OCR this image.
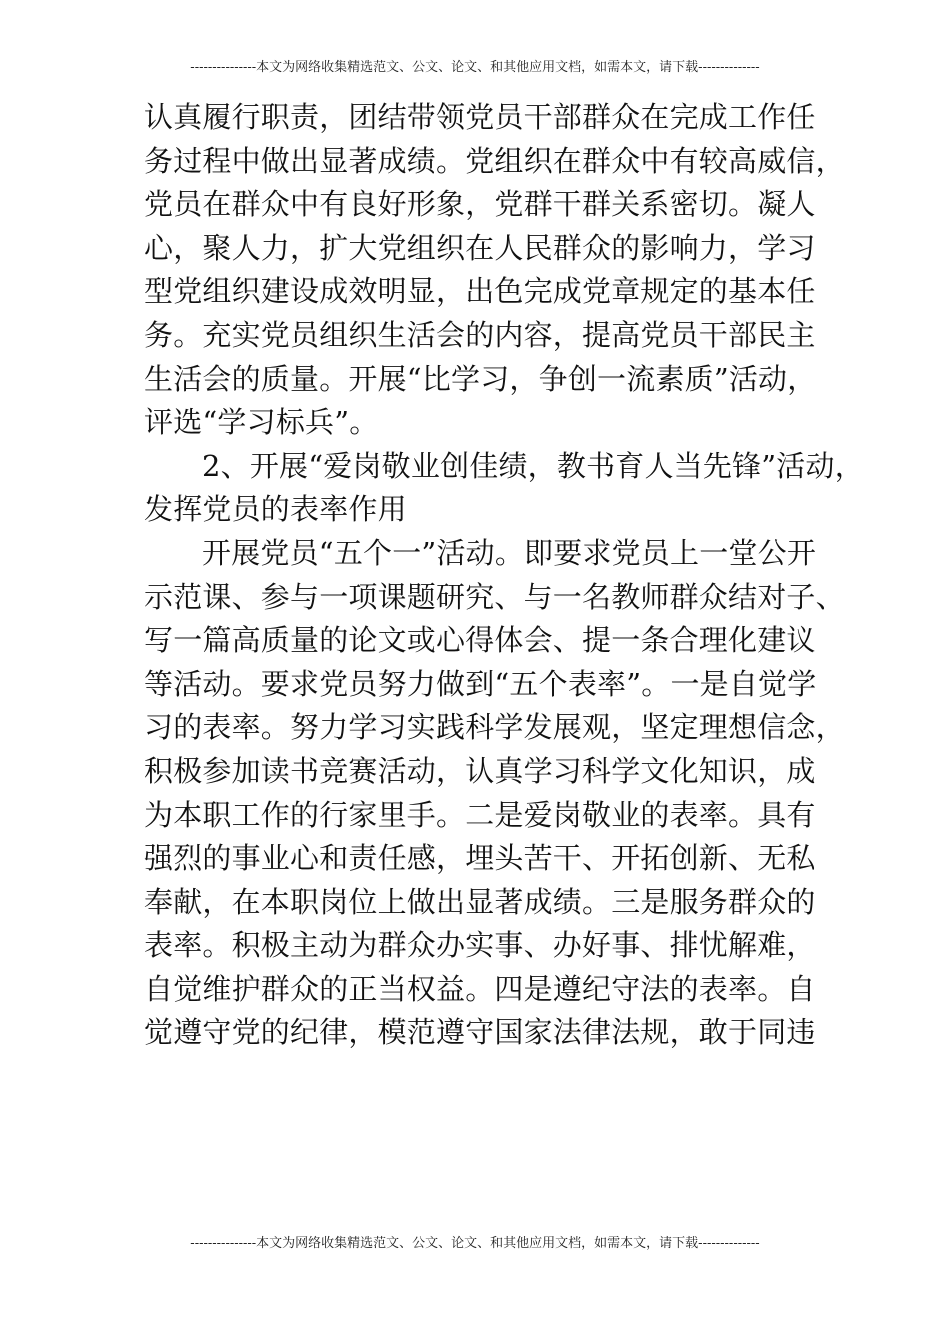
---------------本文为网络收集精选范文、公文、论文、和其他应用文档，如需本文，请下载--------------
认真履行职责，团结带领党员干部群众在完成工作任
务过程中做出显著成绩。党组织在群众中有较高威信，
党员在群众中有良好形象，党群干群关系密切。凝人
心，聚人力，扩大党组织在人民群众的影响力，学习
型党组织建设成效明显，出色完成党章规定的基本任
务。充实党员组织生活会的内容，提高党员干部民主
生活会的质量。开展“比学习，争创一流素质”活动，
评选“学习标兵”。
2、开展“爱岗敬业创佳绩，教书育人当先锋”活动，
发挥党员的表率作用
开展党员“五个一”活动。即要求党员上一堂公开
示范课、参与一项课题研究、与一名教师群众结对子、
写一篇高质量的论文或心得体会、提一条合理化建议
等活动。要求党员努力做到“五个表率”。一是自觉学
习的表率。努力学习实践科学发展观，坚定理想信念，
积极参加读书竞赛活动，认真学习科学文化知识，成
为本职工作的行家里手。二是爱岗敬业的表率。具有
强烈的事业心和责任感，埋头苦干、开拓创新、无私
奉献，在本职岗位上做出显著成绩。三是服务群众的
表率。积极主动为群众办实事、办好事、排忧解难，
自觉维护群众的正当权益。四是遵纪守法的表率。自
觉遵守党的纪律，模范遵守国家法律法规，敢于同违
---------------本文为网络收集精选范文、公文、论文、和其他应用文档，如需本文，请下载--------------
